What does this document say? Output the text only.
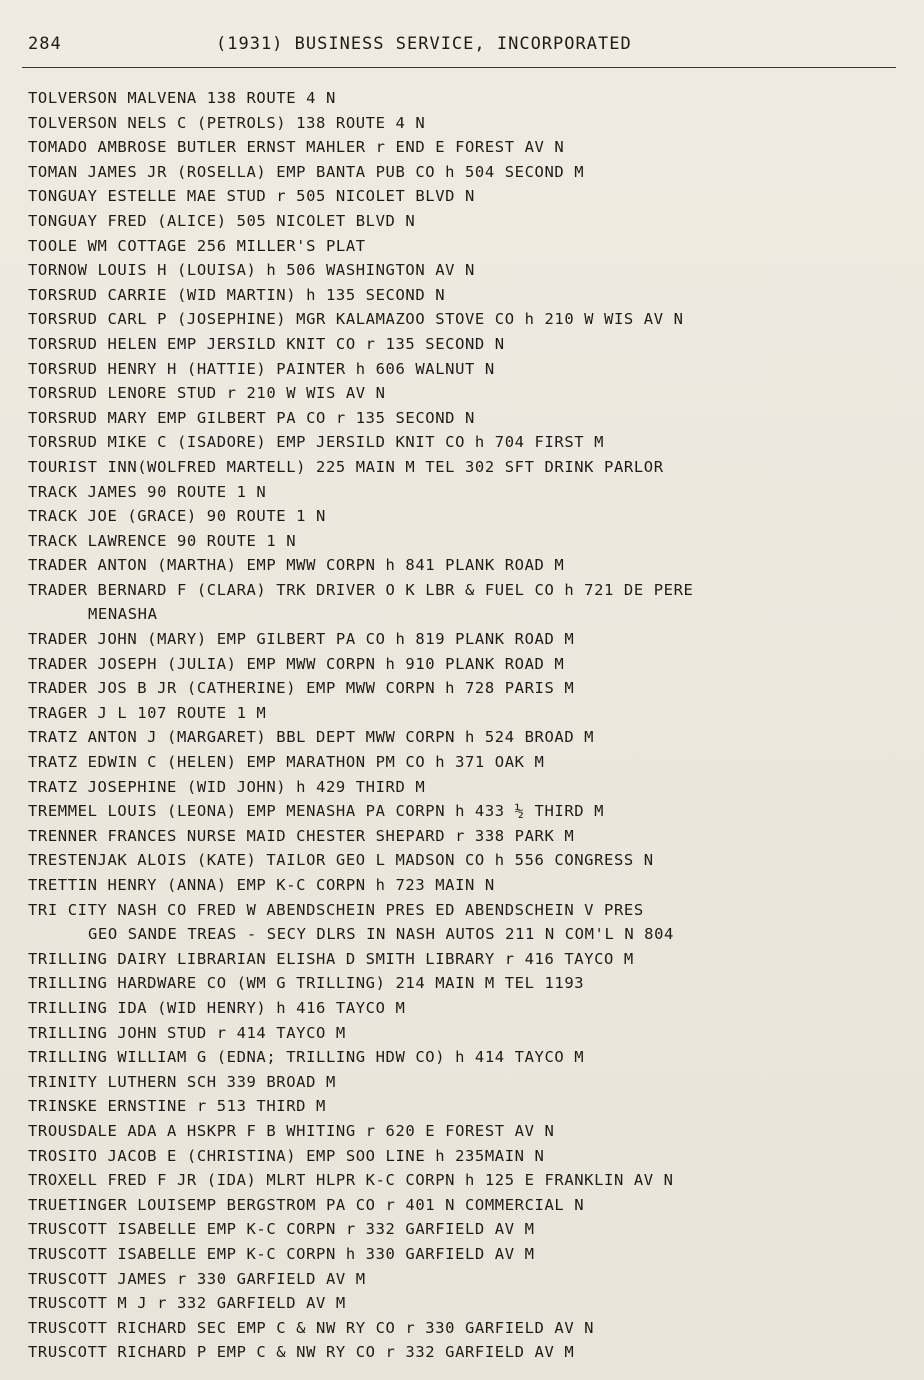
284	(1931) BUSINESS SERVICE, INCORPORATED
TOLVERSON MALVENA 138 ROUTE 4 N
TOLVERSON NELS C (PETROLS) 138 ROUTE 4 N
TOMADO AMBROSE BUTLER ERNST MAHLER r END E FOREST AV N
TOMAN JAMES JR (ROSELLA) EMP BANTA PUB CO h 504 SECOND M
TONGUAY ESTELLE MAE STUD r 505 NICOLET BLVD N
TONGUAY FRED (ALICE) 505 NICOLET BLVD N
TOOLE WM COTTAGE 256 MILLER'S PLAT
TORNOW LOUIS H (LOUISA) h 506 WASHINGTON AV N
TORSRUD CARRIE (WID MARTIN) h 135 SECOND N
TORSRUD CARL P (JOSEPHINE) MGR KALAMAZOO STOVE CO h 210 W WIS AV N
TORSRUD HELEN EMP JERSILD KNIT CO r 135 SECOND N
TORSRUD HENRY H (HATTIE) PAINTER h 606 WALNUT N
TORSRUD LENORE STUD r 210 W WIS AV N
TORSRUD MARY EMP GILBERT PA CO r 135 SECOND N
TORSRUD MIKE C (ISADORE) EMP JERSILD KNIT CO h 704 FIRST M
TOURIST INN(WOLFRED MARTELL) 225 MAIN M TEL 302 SFT DRINK PARLOR
TRACK JAMES 90 ROUTE 1 N
TRACK JOE (GRACE) 90 ROUTE 1 N
TRACK LAWRENCE 90 ROUTE 1 N
TRADER ANTON (MARTHA) EMP MWW CORPN h 841 PLANK ROAD M
TRADER BERNARD F (CLARA) TRK DRIVER O K LBR & FUEL CO h 721 DE PERE
MENASHA
TRADER JOHN (MARY) EMP GILBERT PA CO h 819 PLANK ROAD M
TRADER JOSEPH (JULIA) EMP MWW CORPN h 910 PLANK ROAD M
TRADER JOS B JR (CATHERINE) EMP MWW CORPN h 728 PARIS M
TRAGER J L 107 ROUTE 1 M
TRATZ ANTON J (MARGARET) BBL DEPT MWW CORPN h 524 BROAD M
TRATZ EDWIN C (HELEN) EMP MARATHON PM CO h 371 OAK M
TRATZ JOSEPHINE (WID JOHN) h 429 THIRD M
TREMMEL LOUIS (LEONA) EMP MENASHA PA CORPN h 433 ½ THIRD M
TRENNER FRANCES NURSE MAID CHESTER SHEPARD r 338 PARK M
TRESTENJAK ALOIS (KATE) TAILOR GEO L MADSON CO h 556 CONGRESS N
TRETTIN HENRY (ANNA) EMP K-C CORPN h 723 MAIN N
TRI CITY NASH CO FRED W ABENDSCHEIN PRES ED ABENDSCHEIN V PRES
GEO SANDE TREAS - SECY DLRS IN NASH AUTOS 211 N COM'L N 804
TRILLING DAIRY LIBRARIAN ELISHA D SMITH LIBRARY r 416 TAYCO M
TRILLING HARDWARE CO (WM G TRILLING) 214 MAIN M TEL 1193
TRILLING IDA (WID HENRY) h 416 TAYCO M
TRILLING JOHN STUD r 414 TAYCO M
TRILLING WILLIAM G (EDNA; TRILLING HDW CO) h 414 TAYCO M
TRINITY LUTHERN SCH 339 BROAD M
TRINSKE ERNSTINE r 513 THIRD M
TROUSDALE ADA A HSKPR F B WHITING r 620 E FOREST AV N
TROSITO JACOB E (CHRISTINA) EMP SOO LINE h 235MAIN N
TROXELL FRED F JR (IDA) MLRT HLPR K-C CORPN h 125 E FRANKLIN AV N
TRUETINGER LOUISEMP BERGSTROM PA CO r 401 N COMMERCIAL N
TRUSCOTT ISABELLE EMP K-C CORPN r 332 GARFIELD AV M
TRUSCOTT ISABELLE EMP K-C CORPN h 330 GARFIELD AV M
TRUSCOTT JAMES r 330 GARFIELD AV M
TRUSCOTT M J r 332 GARFIELD AV M
TRUSCOTT RICHARD SEC EMP C & NW RY CO r 330 GARFIELD AV N
TRUSCOTT RICHARD P EMP C & NW RY CO r 332 GARFIELD AV M
